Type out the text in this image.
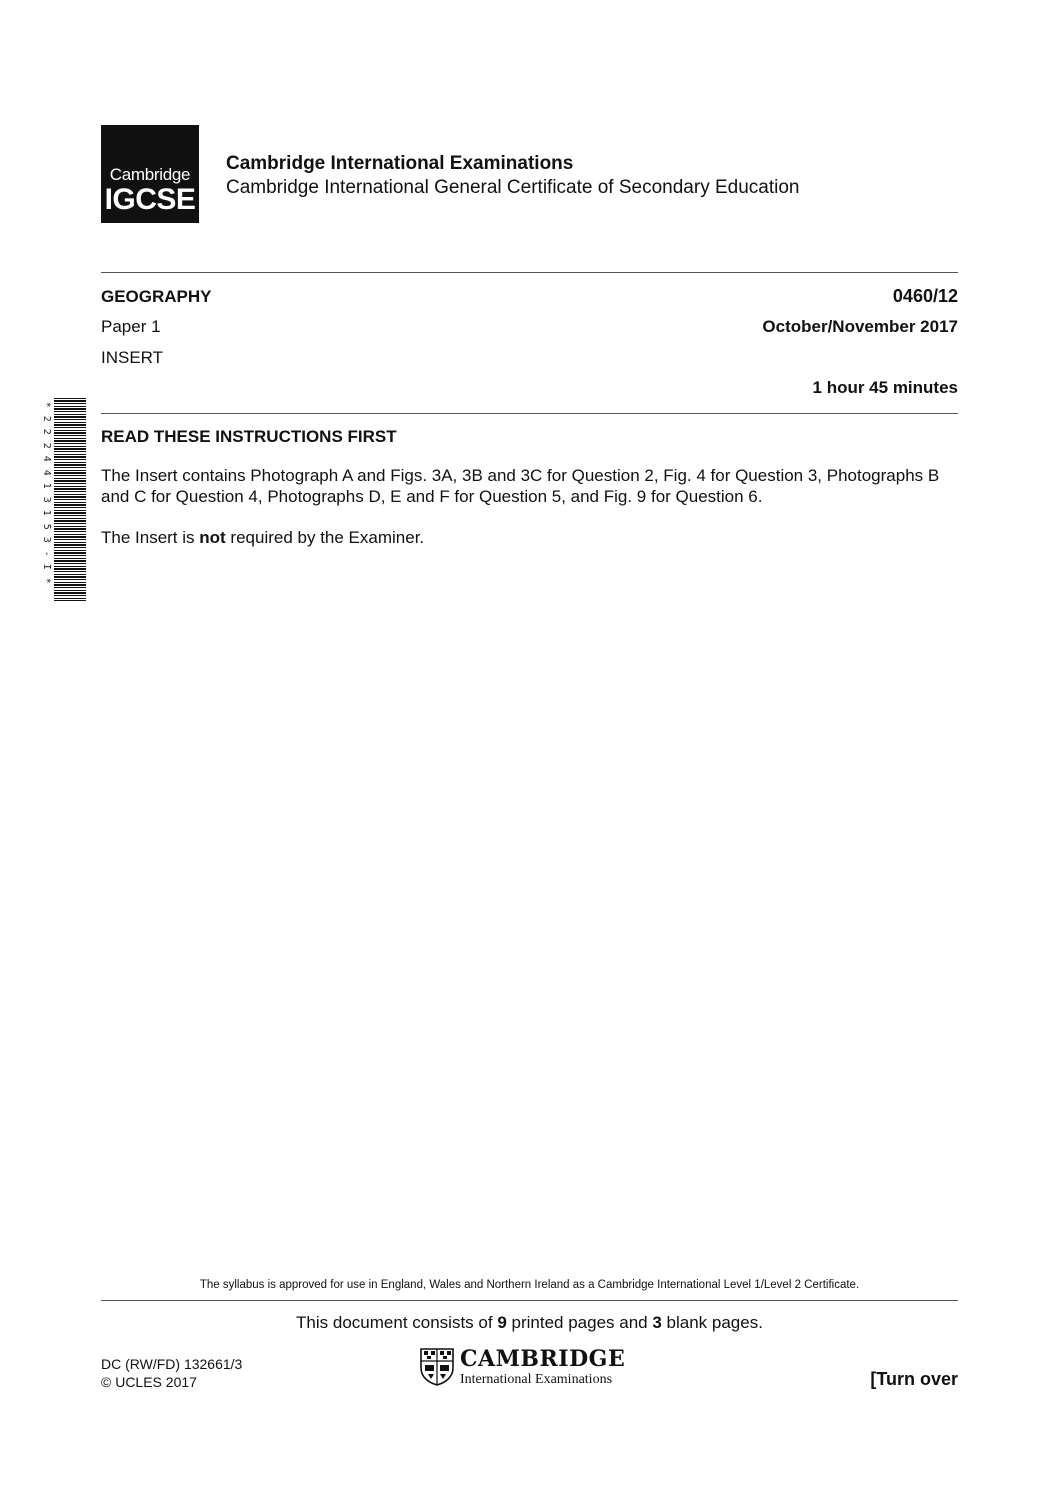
Cambridge
IGCSE
Cambridge International Examinations
Cambridge International General Certificate of Secondary Education
GEOGRAPHY	0460/12
Paper 1	October/November 2017
INSERT
1 hour 45 minutes
*
2
2
2
4
4
1
3
1
5
3
-
I
*
READ THESE INSTRUCTIONS FIRST
The Insert contains Photograph A and Figs. 3A, 3B and 3C for Question 2, Fig. 4 for Question 3, Photographs B and C for Question 4, Photographs D, E and F for Question 5, and Fig. 9 for Question 6.
The Insert is not required by the Examiner.
The syllabus is approved for use in England, Wales and Northern Ireland as a Cambridge International Level 1/Level 2 Certificate.
This document consists of 9 printed pages and 3 blank pages.
DC (RW/FD) 132661/3
© UCLES 2017
CAMBRIDGE
International Examinations	[Turn over
